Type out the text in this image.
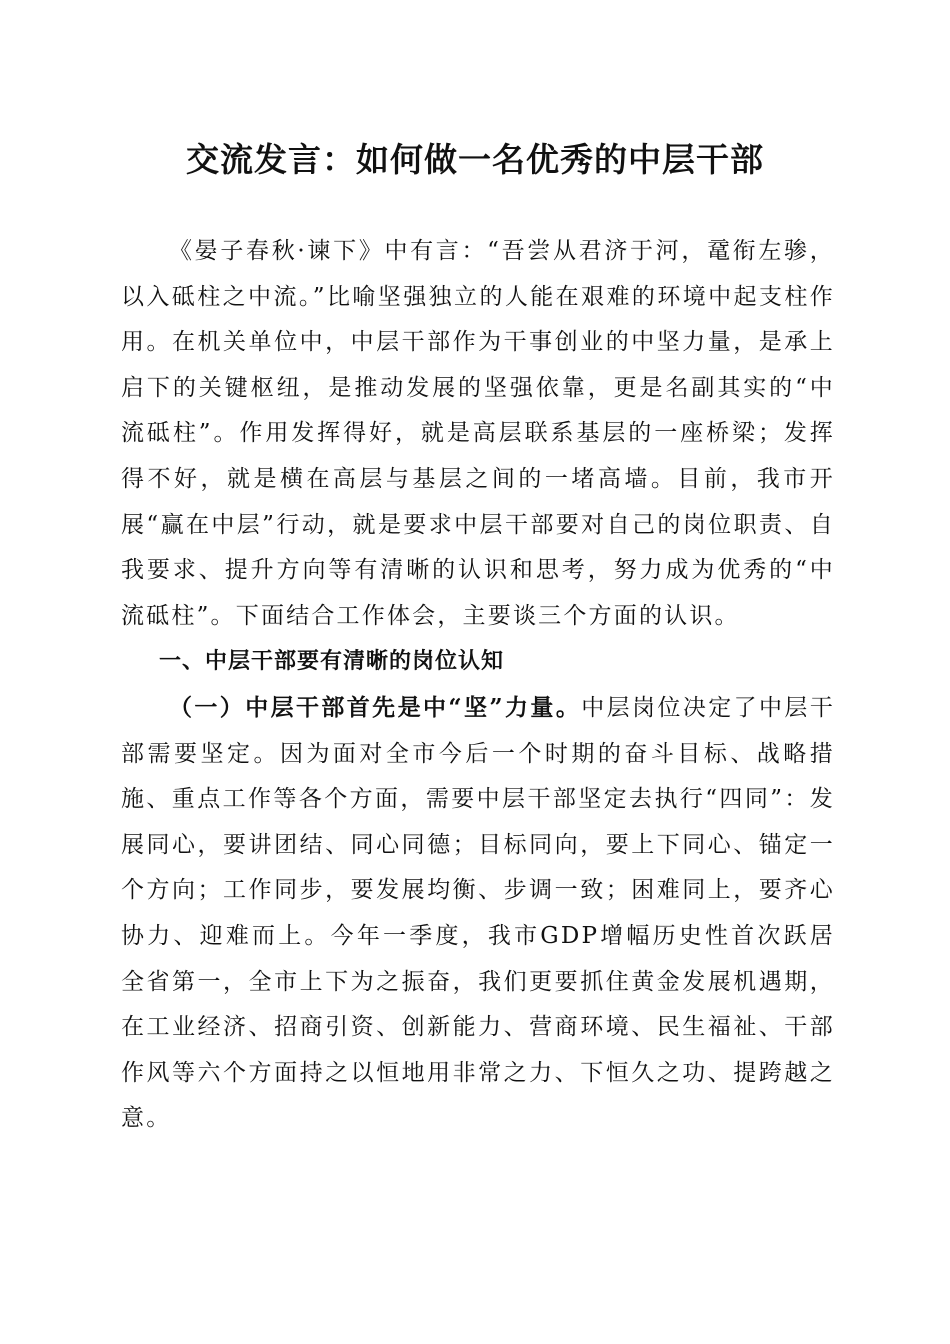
交流发言：如何做一名优秀的中层干部

《晏子春秋·谏下》中有言：“吾尝从君济于河，鼋衔左骖，以入砥柱之中流。”比喻坚强独立的人能在艰难的环境中起支柱作用。在机关单位中，中层干部作为干事创业的中坚力量，是承上启下的关键枢纽，是推动发展的坚强依靠，更是名副其实的“中流砥柱”。作用发挥得好，就是高层联系基层的一座桥梁；发挥得不好，就是横在高层与基层之间的一堵高墙。目前，我市开展“赢在中层”行动，就是要求中层干部要对自己的岗位职责、自我要求、提升方向等有清晰的认识和思考，努力成为优秀的“中流砥柱”。下面结合工作体会，主要谈三个方面的认识。

一、中层干部要有清晰的岗位认知

（一）中层干部首先是中“坚”力量。中层岗位决定了中层干部需要坚定。因为面对全市今后一个时期的奋斗目标、战略措施、重点工作等各个方面，需要中层干部坚定去执行“四同”：发展同心，要讲团结、同心同德；目标同向，要上下同心、锚定一个方向；工作同步，要发展均衡、步调一致；困难同上，要齐心协力、迎难而上。今年一季度，我市GDP增幅历史性首次跃居全省第一，全市上下为之振奋，我们更要抓住黄金发展机遇期，在工业经济、招商引资、创新能力、营商环境、民生福祉、干部作风等六个方面持之以恒地用非常之力、下恒久之功、提跨越之意。
